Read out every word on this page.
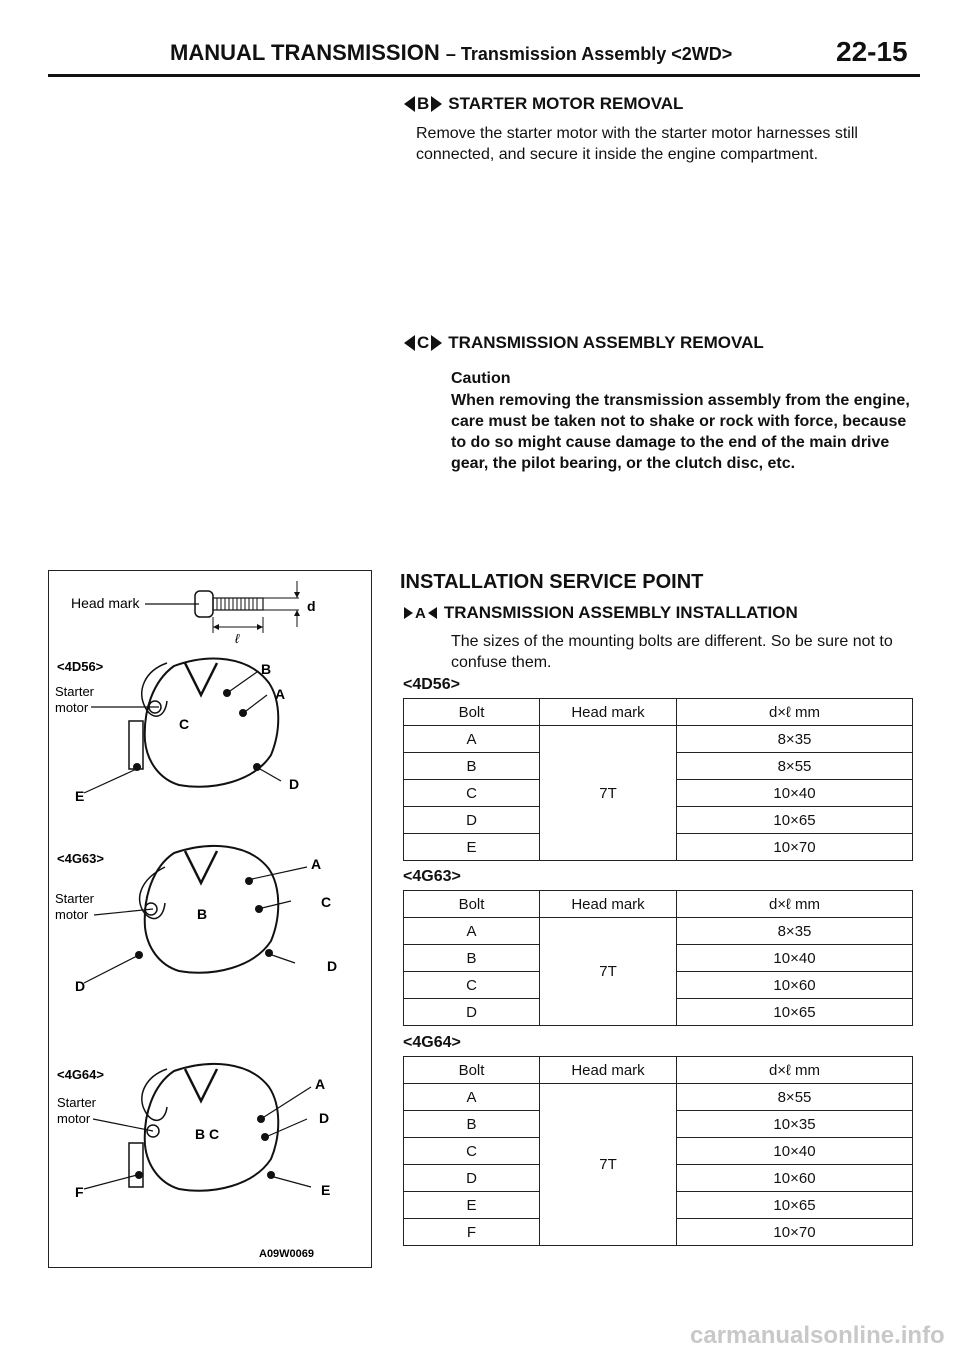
MANUAL TRANSMISSION – Transmission Assembly <2WD>	22-15
B STARTER MOTOR REMOVAL
Remove the starter motor with the starter motor harnesses still connected, and secure it inside the engine compartment.
C TRANSMISSION ASSEMBLY REMOVAL
Caution
When removing the transmission assembly from the engine, care must be taken not to shake or rock with force, because to do so might cause damage to the end of the main drive gear, the pilot bearing, or the clutch disc, etc.
INSTALLATION SERVICE POINT
A TRANSMISSION ASSEMBLY INSTALLATION
The sizes of the mounting bolts are different. So be sure not to confuse them.
<4D56>
Bolt	Head mark	d×ℓ mm
A	7T	8×35
B		8×55
C		10×40
D		10×65
E		10×70
<4G63>
Bolt	Head mark	d×ℓ mm
A	7T	8×35
B		10×40
C		10×60
D		10×65
<4G64>
Bolt	Head mark	d×ℓ mm
A	7T	8×55
B		10×35
C		10×40
D		10×60
E		10×65
F		10×70
Head mark	d
ℓ
<4D56>
Starter
motor
B
A
D
C
E
<4G63>
Starter
motor
A
C
D
B
D
<4G64>
Starter
motor
A
D
E
B C
F
A09W0069
carmanualsonline.info
